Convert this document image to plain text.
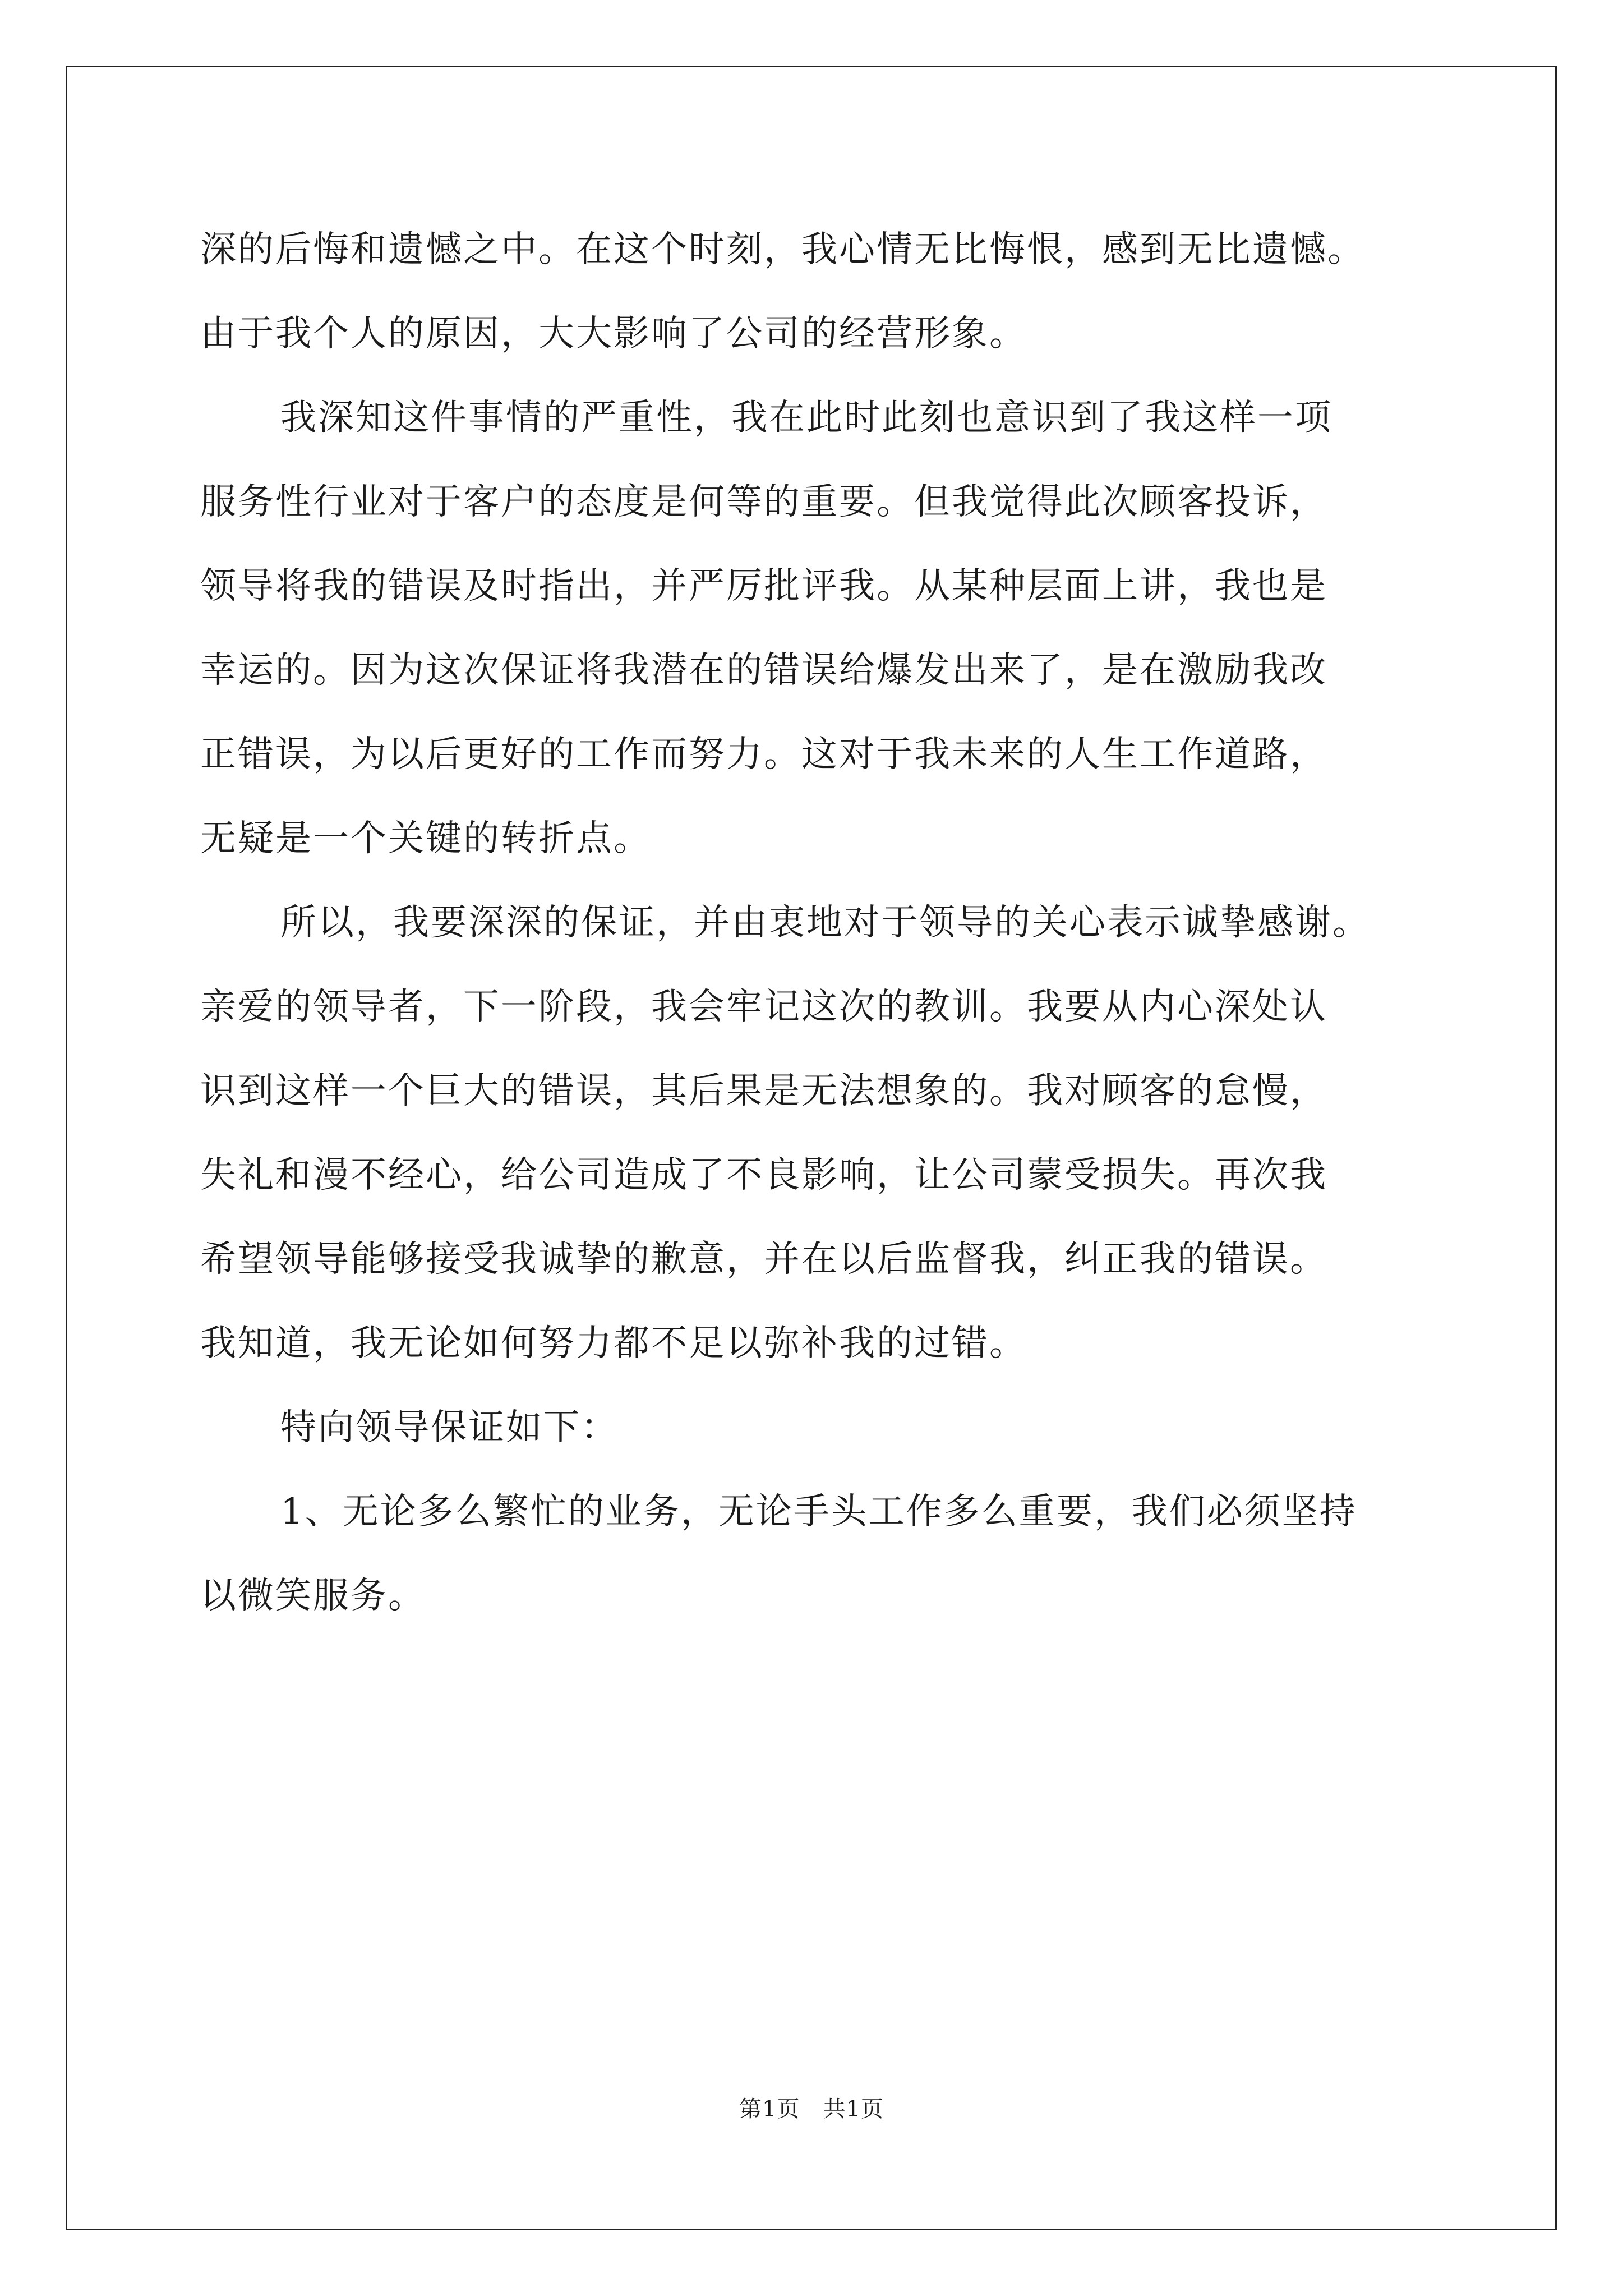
深的后悔和遗憾之中。在这个时刻，我心情无比悔恨，感到无比遗憾。
由于我个人的原因，大大影响了公司的经营形象。
我深知这件事情的严重性，我在此时此刻也意识到了我这样一项
服务性行业对于客户的态度是何等的重要。但我觉得此次顾客投诉，
领导将我的错误及时指出，并严厉批评我。从某种层面上讲，我也是
幸运的。因为这次保证将我潜在的错误给爆发出来了，是在激励我改
正错误，为以后更好的工作而努力。这对于我未来的人生工作道路，
无疑是一个关键的转折点。
所以，我要深深的保证，并由衷地对于领导的关心表示诚挚感谢。
亲爱的领导者，下一阶段，我会牢记这次的教训。我要从内心深处认
识到这样一个巨大的错误，其后果是无法想象的。我对顾客的怠慢，
失礼和漫不经心，给公司造成了不良影响，让公司蒙受损失。再次我
希望领导能够接受我诚挚的歉意，并在以后监督我，纠正我的错误。
我知道，我无论如何努力都不足以弥补我的过错。
特向领导保证如下：
1、无论多么繁忙的业务，无论手头工作多么重要，我们必须坚持
以微笑服务。
第1页　共1页
